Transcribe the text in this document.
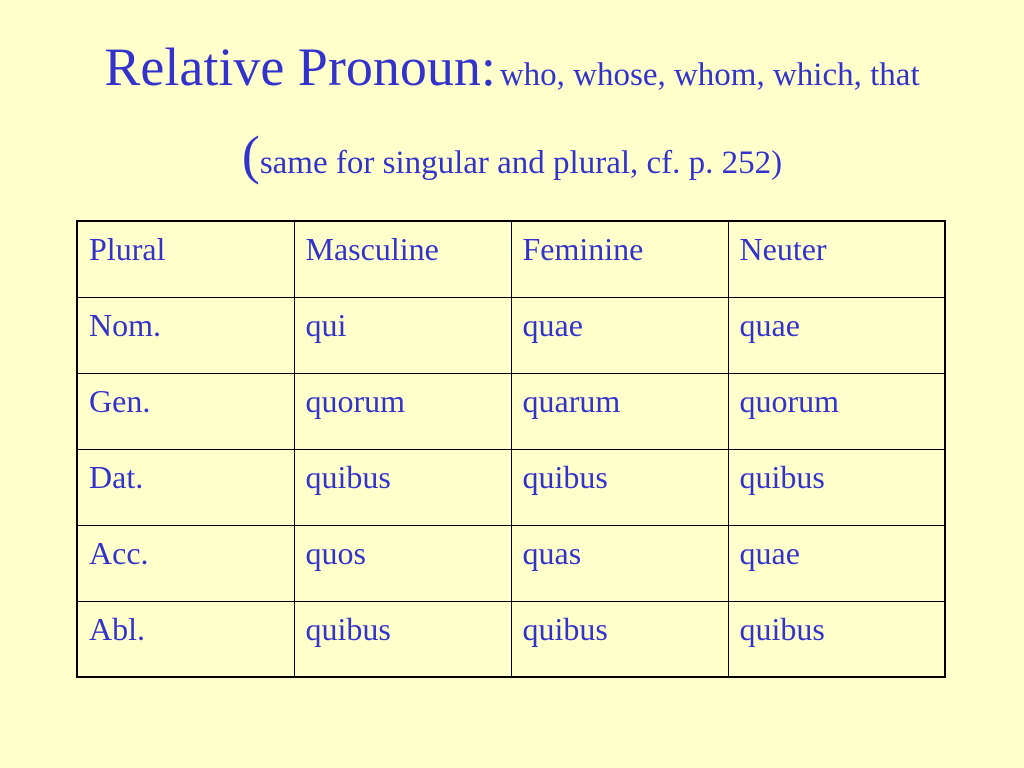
Relative Pronoun: who, whose, whom, which, that
(same for singular and plural, cf. p. 252)
Plural	Masculine	Feminine	Neuter
Nom.	qui	quae	quae
Gen.	quorum	quarum	quorum
Dat.	quibus	quibus	quibus
Acc.	quos	quas	quae
Abl.	quibus	quibus	quibus
